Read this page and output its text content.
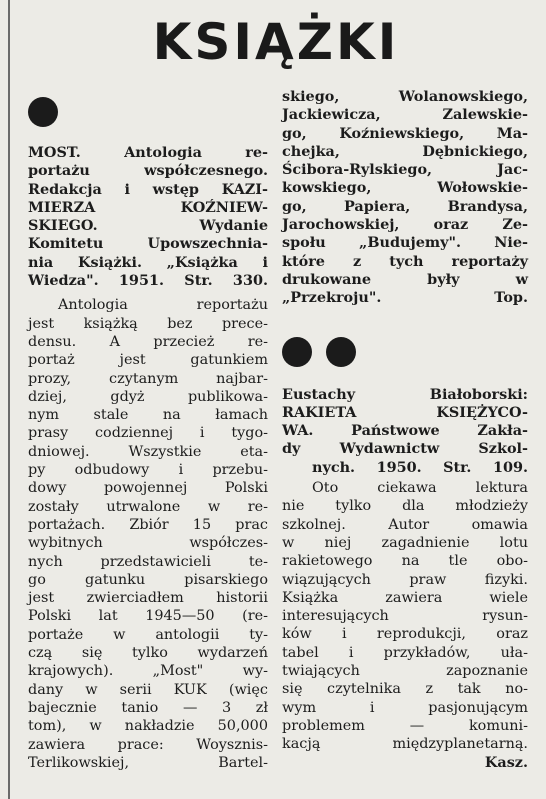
KSIĄŻKI
MOST. Antologia re-
portażu współczesnego.
Redakcja i wstęp KAZI-
MIERZA KOŹNIEW-
SKIEGO. Wydanie
Komitetu Upowszechnia-
nia Książki. „Książka i
Wiedza". 1951. Str. 330.
Antologia reportażu
jest książką bez prece-
densu. A przecież re-
portaż jest gatunkiem
prozy, czytanym najbar-
dziej, gdyż publikowa-
nym stale na łamach
prasy codziennej i tygo-
dniowej. Wszystkie eta-
py odbudowy i przebu-
dowy powojennej Polski
zostały utrwalone w re-
portażach. Zbiór 15 prac
wybitnych współczes-
nych przedstawicieli te-
go gatunku pisarskiego
jest zwierciadłem historii
Polski lat 1945—50 (re-
portaże w antologii ty-
czą się tylko wydarzeń
krajowych). „Most" wy-
dany w serii KUK (więc
bajecznie tanio — 3 zł
tom), w nakładzie 50,000
zawiera prace: Woysznis-
Terlikowskiej, Bartel-
skiego, Wolanowskiego,
Jackiewicza, Zalewskie-
go, Koźniewskiego, Ma-
chejka, Dębnickiego,
Ścibora-Rylskiego, Jac-
kowskiego, Wołowskie-
go, Papiera, Brandysa,
Jarochowskiej, oraz Ze-
społu „Budujemy". Nie-
które z tych reportaży
drukowane były w
„Przekroju". Top.
Eustachy Białoborski:
RAKIETA KSIĘŻYCO-
WA. Państwowe Zakła-
dy Wydawnictw Szkol-
nych. 1950. Str. 109.
Oto ciekawa lektura
nie tylko dla młodzieży
szkolnej. Autor omawia
w niej zagadnienie lotu
rakietowego na tle obo-
wiązujących praw fizyki.
Książka zawiera wiele
interesujących rysun-
ków i reprodukcji, oraz
tabel i przykładów, uła-
twiających zapoznanie
się czytelnika z tak no-
wym i pasjonującym
problemem — komuni-
kacją międzyplanetarną.
Kasz.
